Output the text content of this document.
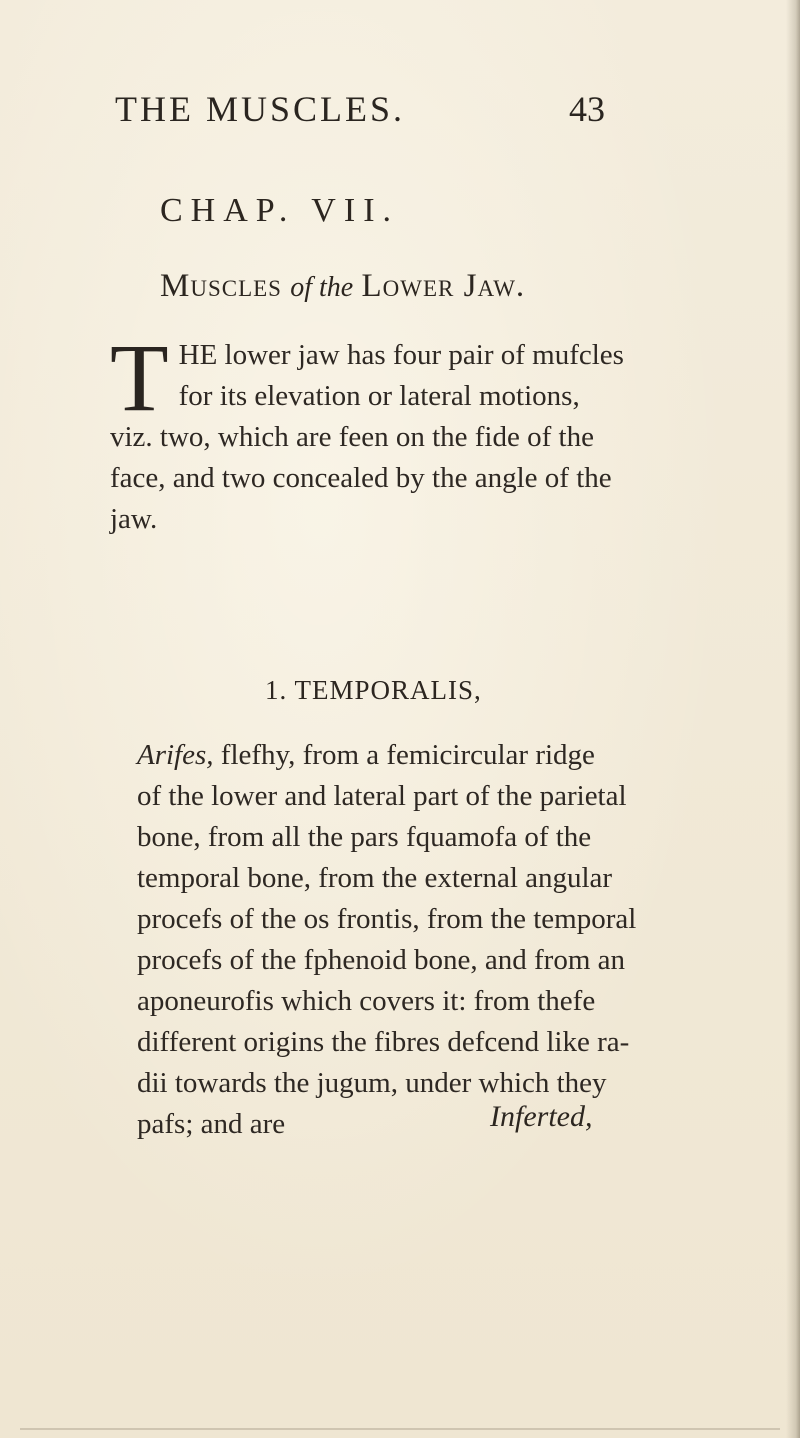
THE MUSCLES.	43
CHAP. VII.
Muscles of the Lower Jaw.
T HE lower jaw has four pair of mufcles
for its elevation or lateral motions,
viz. two, which are feen on the fide of the
face, and two concealed by the angle of the
jaw.
1. TEMPORALIS,
Arifes, flefhy, from a femicircular ridge
of the lower and lateral part of the parietal
bone, from all the pars fquamofa of the
temporal bone, from the external angular
procefs of the os frontis, from the temporal
procefs of the fphenoid bone, and from an
aponeurofis which covers it: from thefe
different origins the fibres defcend like ra-
dii towards the jugum, under which they
pafs; and are	Inferted,
